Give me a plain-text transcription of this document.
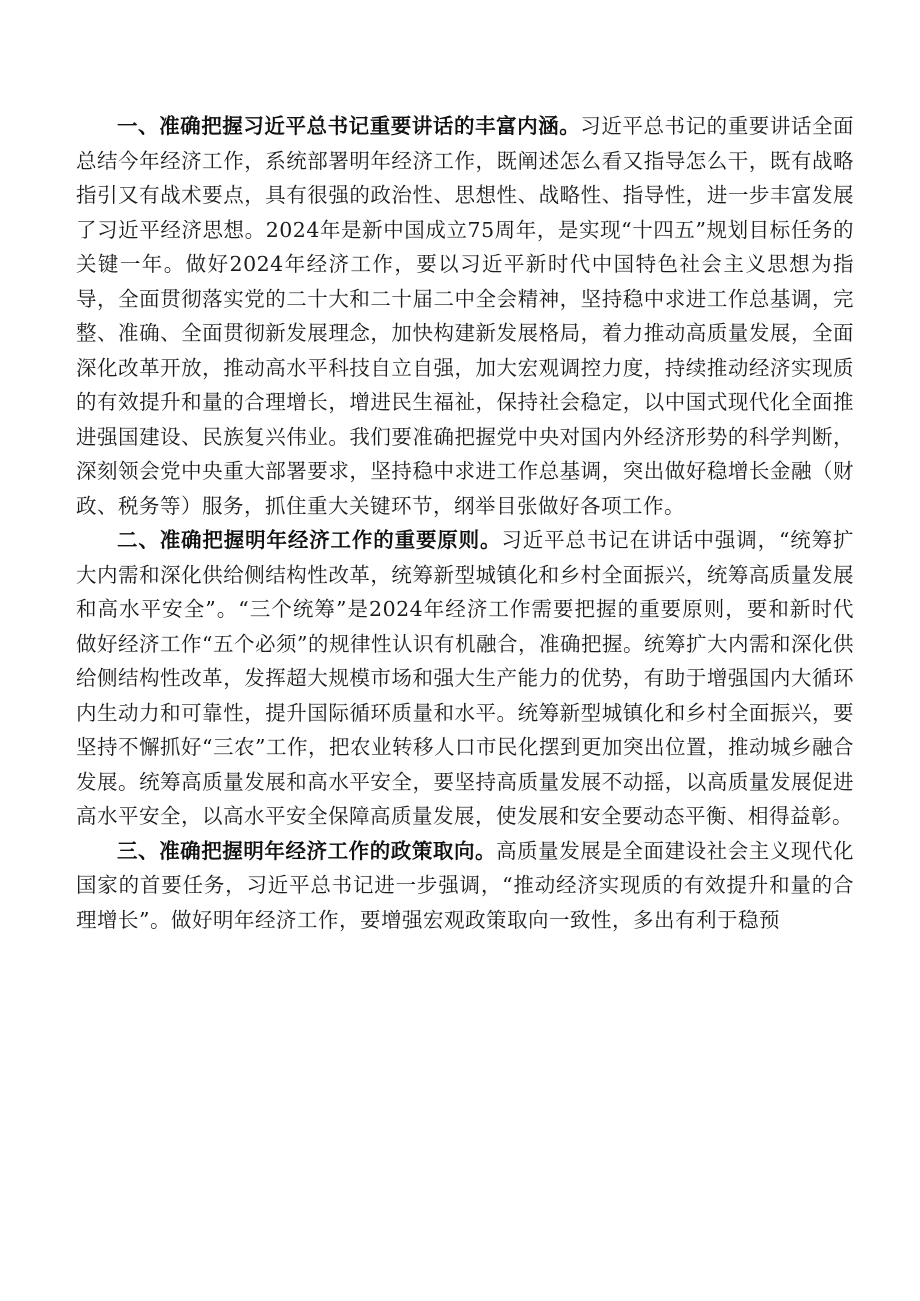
一、准确把握习近平总书记重要讲话的丰富内涵。习近平总书记的重要讲话全面总结今年经济工作，系统部署明年经济工作，既阐述怎么看又指导怎么干，既有战略指引又有战术要点，具有很强的政治性、思想性、战略性、指导性，进一步丰富发展了习近平经济思想。2024年是新中国成立75周年，是实现“十四五”规划目标任务的关键一年。做好2024年经济工作，要以习近平新时代中国特色社会主义思想为指导，全面贯彻落实党的二十大和二十届二中全会精神，坚持稳中求进工作总基调，完整、准确、全面贯彻新发展理念，加快构建新发展格局，着力推动高质量发展，全面深化改革开放，推动高水平科技自立自强，加大宏观调控力度，持续推动经济实现质的有效提升和量的合理增长，增进民生福祉，保持社会稳定，以中国式现代化全面推进强国建设、民族复兴伟业。我们要准确把握党中央对国内外经济形势的科学判断，深刻领会党中央重大部署要求，坚持稳中求进工作总基调，突出做好稳增长金融（财政、税务等）服务，抓住重大关键环节，纲举目张做好各项工作。

二、准确把握明年经济工作的重要原则。习近平总书记在讲话中强调，“统筹扩大内需和深化供给侧结构性改革，统筹新型城镇化和乡村全面振兴，统筹高质量发展和高水平安全”。“三个统筹”是2024年经济工作需要把握的重要原则，要和新时代做好经济工作“五个必须”的规律性认识有机融合，准确把握。统筹扩大内需和深化供给侧结构性改革，发挥超大规模市场和强大生产能力的优势，有助于增强国内大循环内生动力和可靠性，提升国际循环质量和水平。统筹新型城镇化和乡村全面振兴，要坚持不懈抓好“三农”工作，把农业转移人口市民化摆到更加突出位置，推动城乡融合发展。统筹高质量发展和高水平安全，要坚持高质量发展不动摇，以高质量发展促进高水平安全，以高水平安全保障高质量发展，使发展和安全要动态平衡、相得益彰。

三、准确把握明年经济工作的政策取向。高质量发展是全面建设社会主义现代化国家的首要任务，习近平总书记进一步强调，“推动经济实现质的有效提升和量的合理增长”。做好明年经济工作，要增强宏观政策取向一致性，多出有利于稳预
